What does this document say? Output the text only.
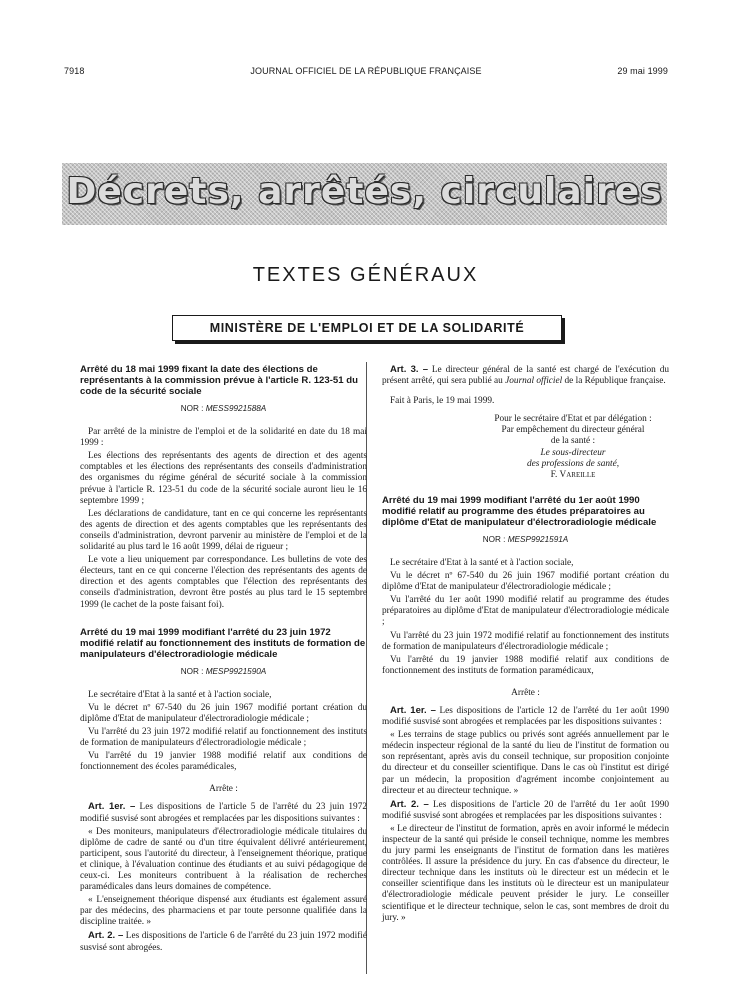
7918	JOURNAL OFFICIEL DE LA RÉPUBLIQUE FRANÇAISE	29 mai 1999
Décrets, arrêtés, circulaires
TEXTES GÉNÉRAUX
MINISTÈRE DE L'EMPLOI ET DE LA SOLIDARITÉ
Arrêté du 18 mai 1999 fixant la date des élections de représentants à la commission prévue à l'article R. 123-51 du code de la sécurité sociale
NOR : MESS9921588A

Par arrêté de la ministre de l'emploi et de la solidarité en date du 18 mai 1999 :

Les élections des représentants des agents de direction et des agents comptables et les élections des représentants des conseils d'administration des organismes du régime général de sécurité sociale à la commission prévue à l'article R. 123-51 du code de la sécurité sociale auront lieu le 16 septembre 1999 ;

Les déclarations de candidature, tant en ce qui concerne les représentants des agents de direction et des agents comptables que les représentants des conseils d'administration, devront parvenir au ministère de l'emploi et de la solidarité au plus tard le 16 août 1999, délai de rigueur ;

Le vote a lieu uniquement par correspondance. Les bulletins de vote des électeurs, tant en ce qui concerne l'élection des représentants des agents de direction et des agents comptables que l'élection des représentants des conseils d'administration, devront être postés au plus tard le 15 septembre 1999 (le cachet de la poste faisant foi).

Arrêté du 19 mai 1999 modifiant l'arrêté du 23 juin 1972 modifié relatif au fonctionnement des instituts de formation de manipulateurs d'électroradiologie médicale
NOR : MESP9921590A

Le secrétaire d'Etat à la santé et à l'action sociale,

Vu le décret nº 67-540 du 26 juin 1967 modifié portant création du diplôme d'Etat de manipulateur d'électroradiologie médicale ;

Vu l'arrêté du 23 juin 1972 modifié relatif au fonctionnement des instituts de formation de manipulateurs d'électroradiologie médicale ;

Vu l'arrêté du 19 janvier 1988 modifié relatif aux conditions de fonctionnement des écoles paramédicales,

Arrête :

Art. 1er. – Les dispositions de l'article 5 de l'arrêté du 23 juin 1972 modifié susvisé sont abrogées et remplacées par les dispositions suivantes :

« Des moniteurs, manipulateurs d'électroradiologie médicale titulaires du diplôme de cadre de santé ou d'un titre équivalent délivré antérieurement, participent, sous l'autorité du directeur, à l'enseignement théorique, pratique et clinique, à l'évaluation continue des étudiants et au suivi pédagogique de ceux-ci. Les moniteurs contribuent à la réalisation de recherches paramédicales dans leurs domaines de compétence.

« L'enseignement théorique dispensé aux étudiants est également assuré par des médecins, des pharmaciens et par toute personne qualifiée dans la discipline traitée. »

Art. 2. – Les dispositions de l'article 6 de l'arrêté du 23 juin 1972 modifié susvisé sont abrogées.

Art. 3. – Le directeur général de la santé est chargé de l'exécution du présent arrêté, qui sera publié au Journal officiel de la République française.

Fait à Paris, le 19 mai 1999.

Pour le secrétaire d'Etat et par délégation :

Par empêchement du directeur général

de la santé :

Le sous-directeur

des professions de santé,

F. Vareille

Arrêté du 19 mai 1999 modifiant l'arrêté du 1er août 1990 modifié relatif au programme des études préparatoires au diplôme d'Etat de manipulateur d'électroradiologie médicale
NOR : MESP9921591A

Le secrétaire d'Etat à la santé et à l'action sociale,

Vu le décret nº 67-540 du 26 juin 1967 modifié portant création du diplôme d'Etat de manipulateur d'électroradiologie médicale ;

Vu l'arrêté du 1er août 1990 modifié relatif au programme des études préparatoires au diplôme d'Etat de manipulateur d'électroradiologie médicale ;

Vu l'arrêté du 23 juin 1972 modifié relatif au fonctionnement des instituts de formation de manipulateurs d'électroradiologie médicale ;

Vu l'arrêté du 19 janvier 1988 modifié relatif aux conditions de fonctionnement des instituts de formation paramédicaux,

Arrête :

Art. 1er. – Les dispositions de l'article 12 de l'arrêté du 1er août 1990 modifié susvisé sont abrogées et remplacées par les dispositions suivantes :

« Les terrains de stage publics ou privés sont agréés annuellement par le médecin inspecteur régional de la santé du lieu de l'institut de formation ou son représentant, après avis du conseil technique, sur proposition conjointe du directeur et du conseiller scientifique. Dans le cas où l'institut est dirigé par un médecin, la proposition d'agrément incombe conjointement au directeur et au directeur technique. »

Art. 2. – Les dispositions de l'article 20 de l'arrêté du 1er août 1990 modifié susvisé sont abrogées et remplacées par les dispositions suivantes :

« Le directeur de l'institut de formation, après en avoir informé le médecin inspecteur de la santé qui préside le conseil technique, nomme les membres du jury parmi les enseignants de l'institut de formation dans les matières contrôlées. Il assure la présidence du jury. En cas d'absence du directeur, le directeur technique dans les instituts où le directeur est un médecin et le conseiller scientifique dans les instituts où le directeur est un manipulateur d'électroradiologie médicale peuvent présider le jury. Le conseiller scientifique et le directeur technique, selon le cas, sont membres de droit du jury. »
